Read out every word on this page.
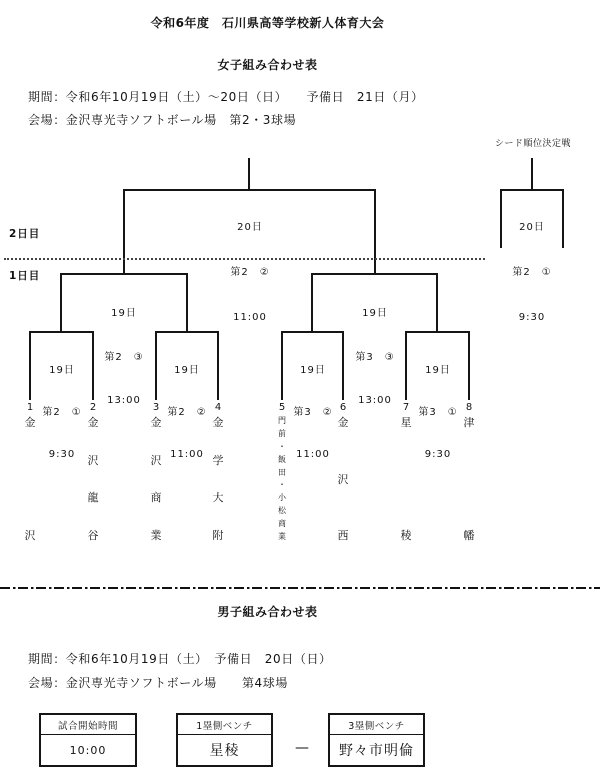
令和6年度　石川県高等学校新人体育大会
女子組み合わせ表
期間：令和6年10月19日（土）～20日（日）　　予備日　21日（月）
会場：金沢専光寺ソフトボール場　第2・3球場
シード順位決定戦
2日目
1日目

20日

第2　②

11:00

20日

第2　①

9:30

19日

第2　③

13:00

19日

第3　③

13:00

19日

第2　①

9:30

19日

第2　②

11:00

19日

第3　②

11:00

19日

第3　①

9:30

1
金
沢
2
金
沢
龍
谷
3
金
沢
商
業
4
金
学
大
附
5
門
前
・
飯
田
・
小
松
商
業
6
金
沢
西
7
星
稜
8
津
幡
男子組み合わせ表
期間：令和6年10月19日（土）　予備日　20日（日）
会場：金沢専光寺ソフトボール場　　第4球場
試合開始時間
10:00
1塁側ベンチ
星稜	—
3塁側ベンチ
野々市明倫
